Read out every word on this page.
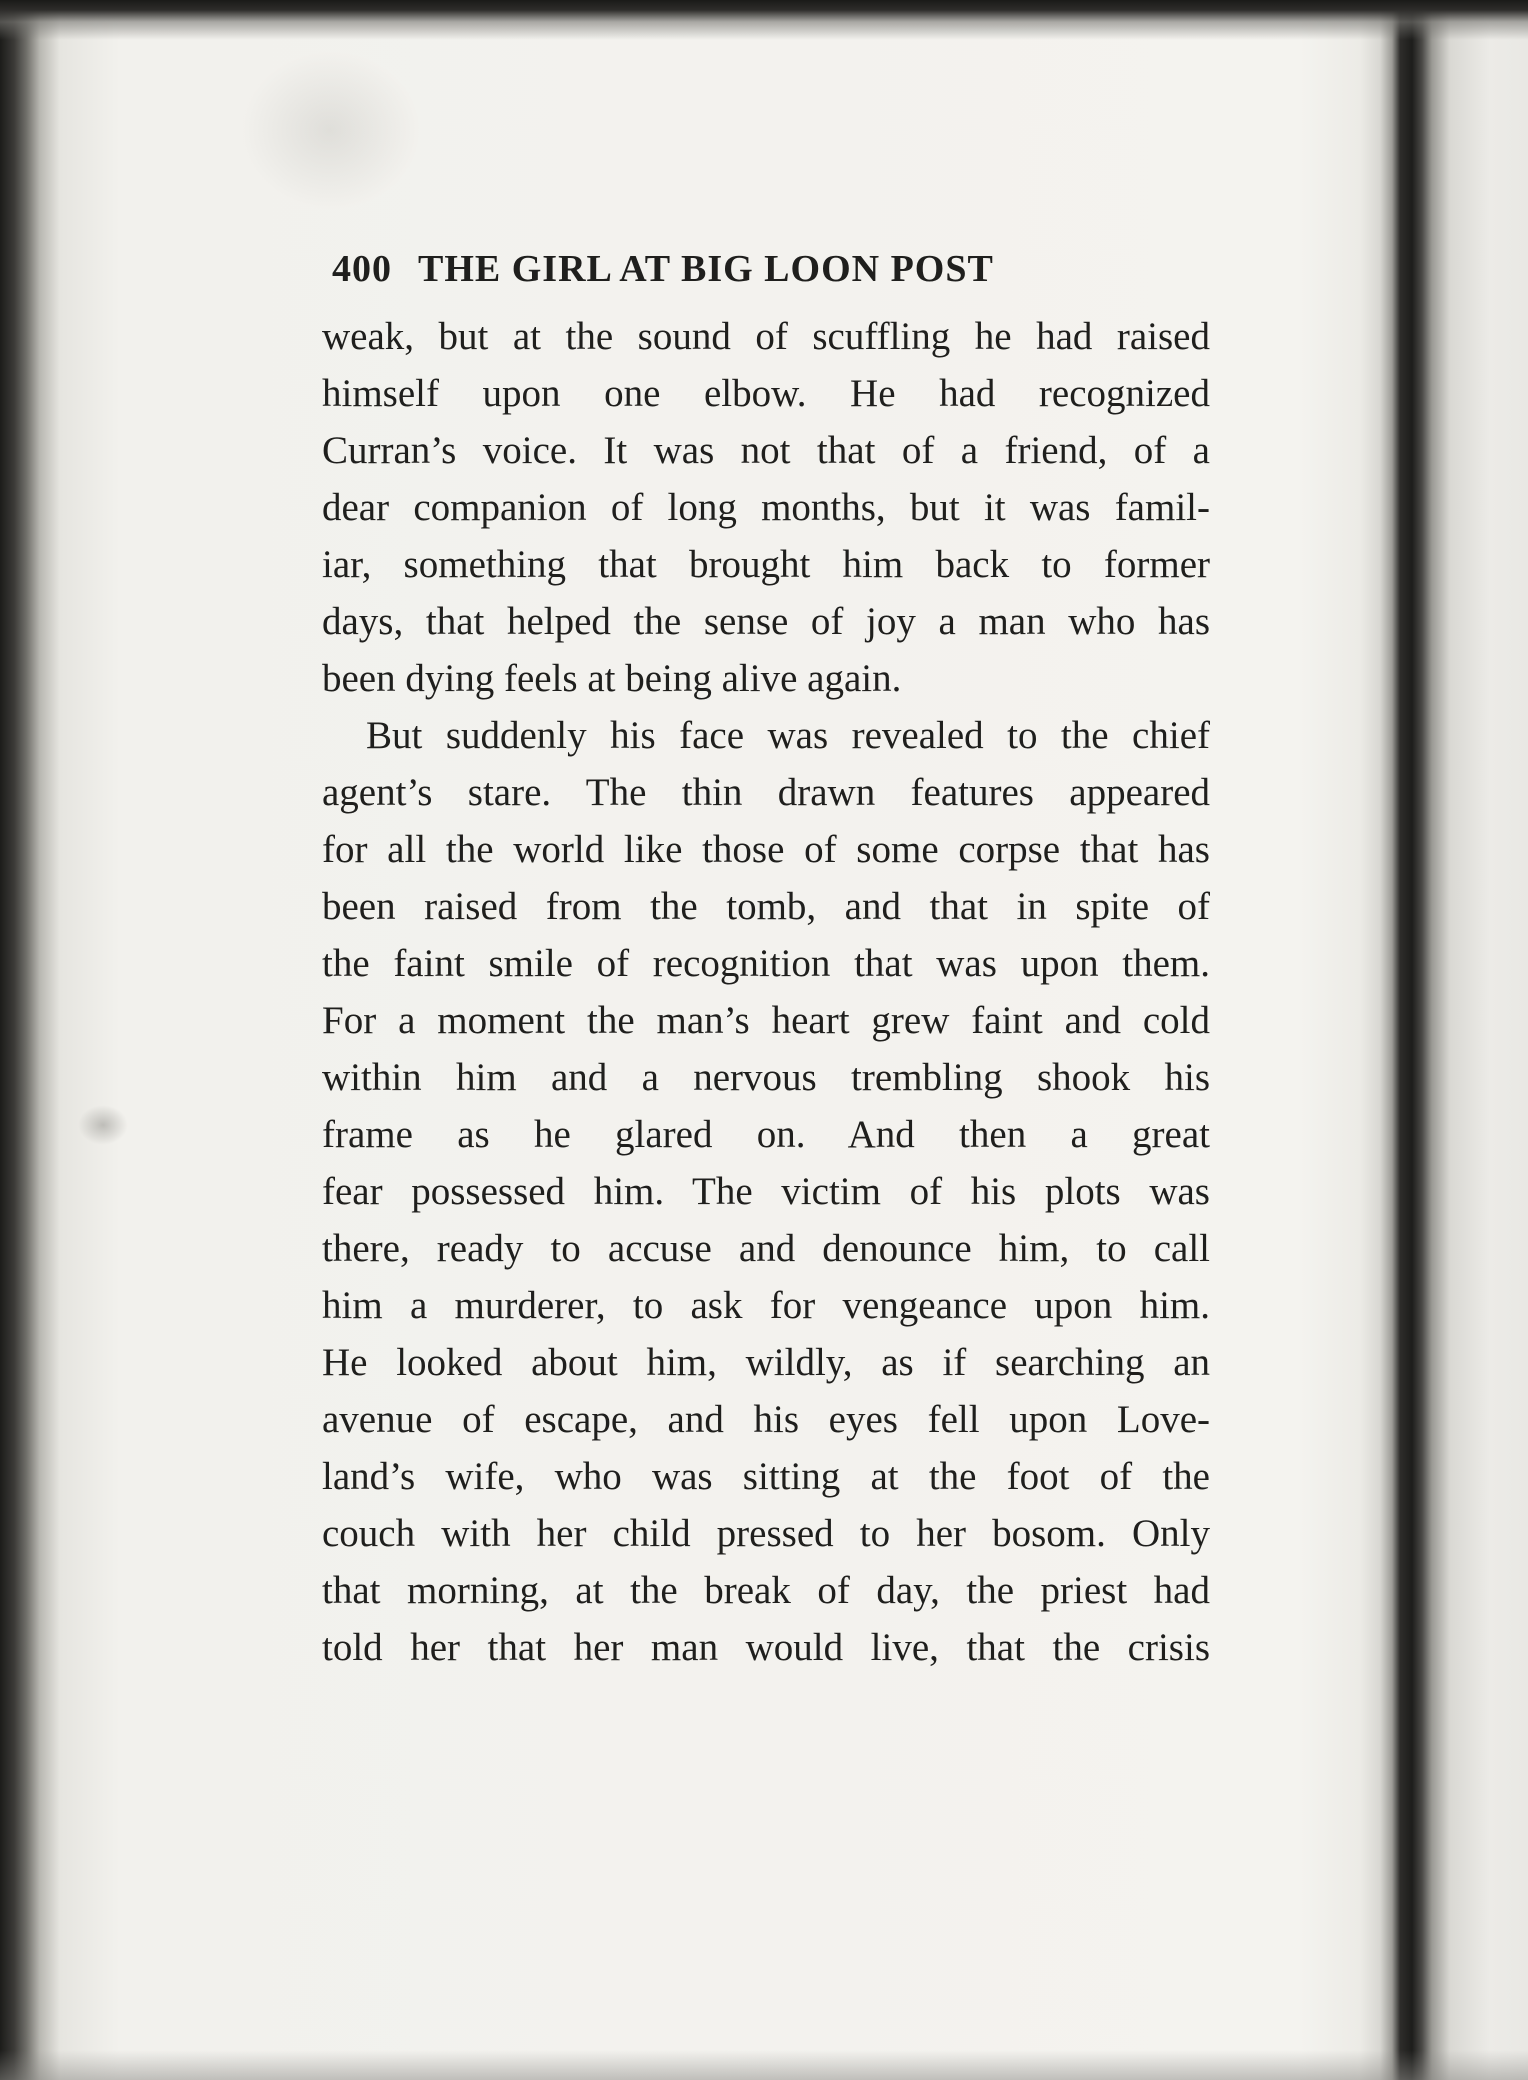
400 THE GIRL AT BIG LOON POST
weak, but at the sound of scuffling he had raised
himself upon one elbow. He had recognized
Curran’s voice. It was not that of a friend, of a
dear companion of long months, but it was famil-
iar, something that brought him back to former
days, that helped the sense of joy a man who has
been dying feels at being alive again.
But suddenly his face was revealed to the chief
agent’s stare. The thin drawn features appeared
for all the world like those of some corpse that has
been raised from the tomb, and that in spite of
the faint smile of recognition that was upon them.
For a moment the man’s heart grew faint and cold
within him and a nervous trembling shook his
frame as he glared on. And then a great
fear possessed him. The victim of his plots was
there, ready to accuse and denounce him, to call
him a murderer, to ask for vengeance upon him.
He looked about him, wildly, as if searching an
avenue of escape, and his eyes fell upon Love-
land’s wife, who was sitting at the foot of the
couch with her child pressed to her bosom. Only
that morning, at the break of day, the priest had
told her that her man would live, that the crisis
